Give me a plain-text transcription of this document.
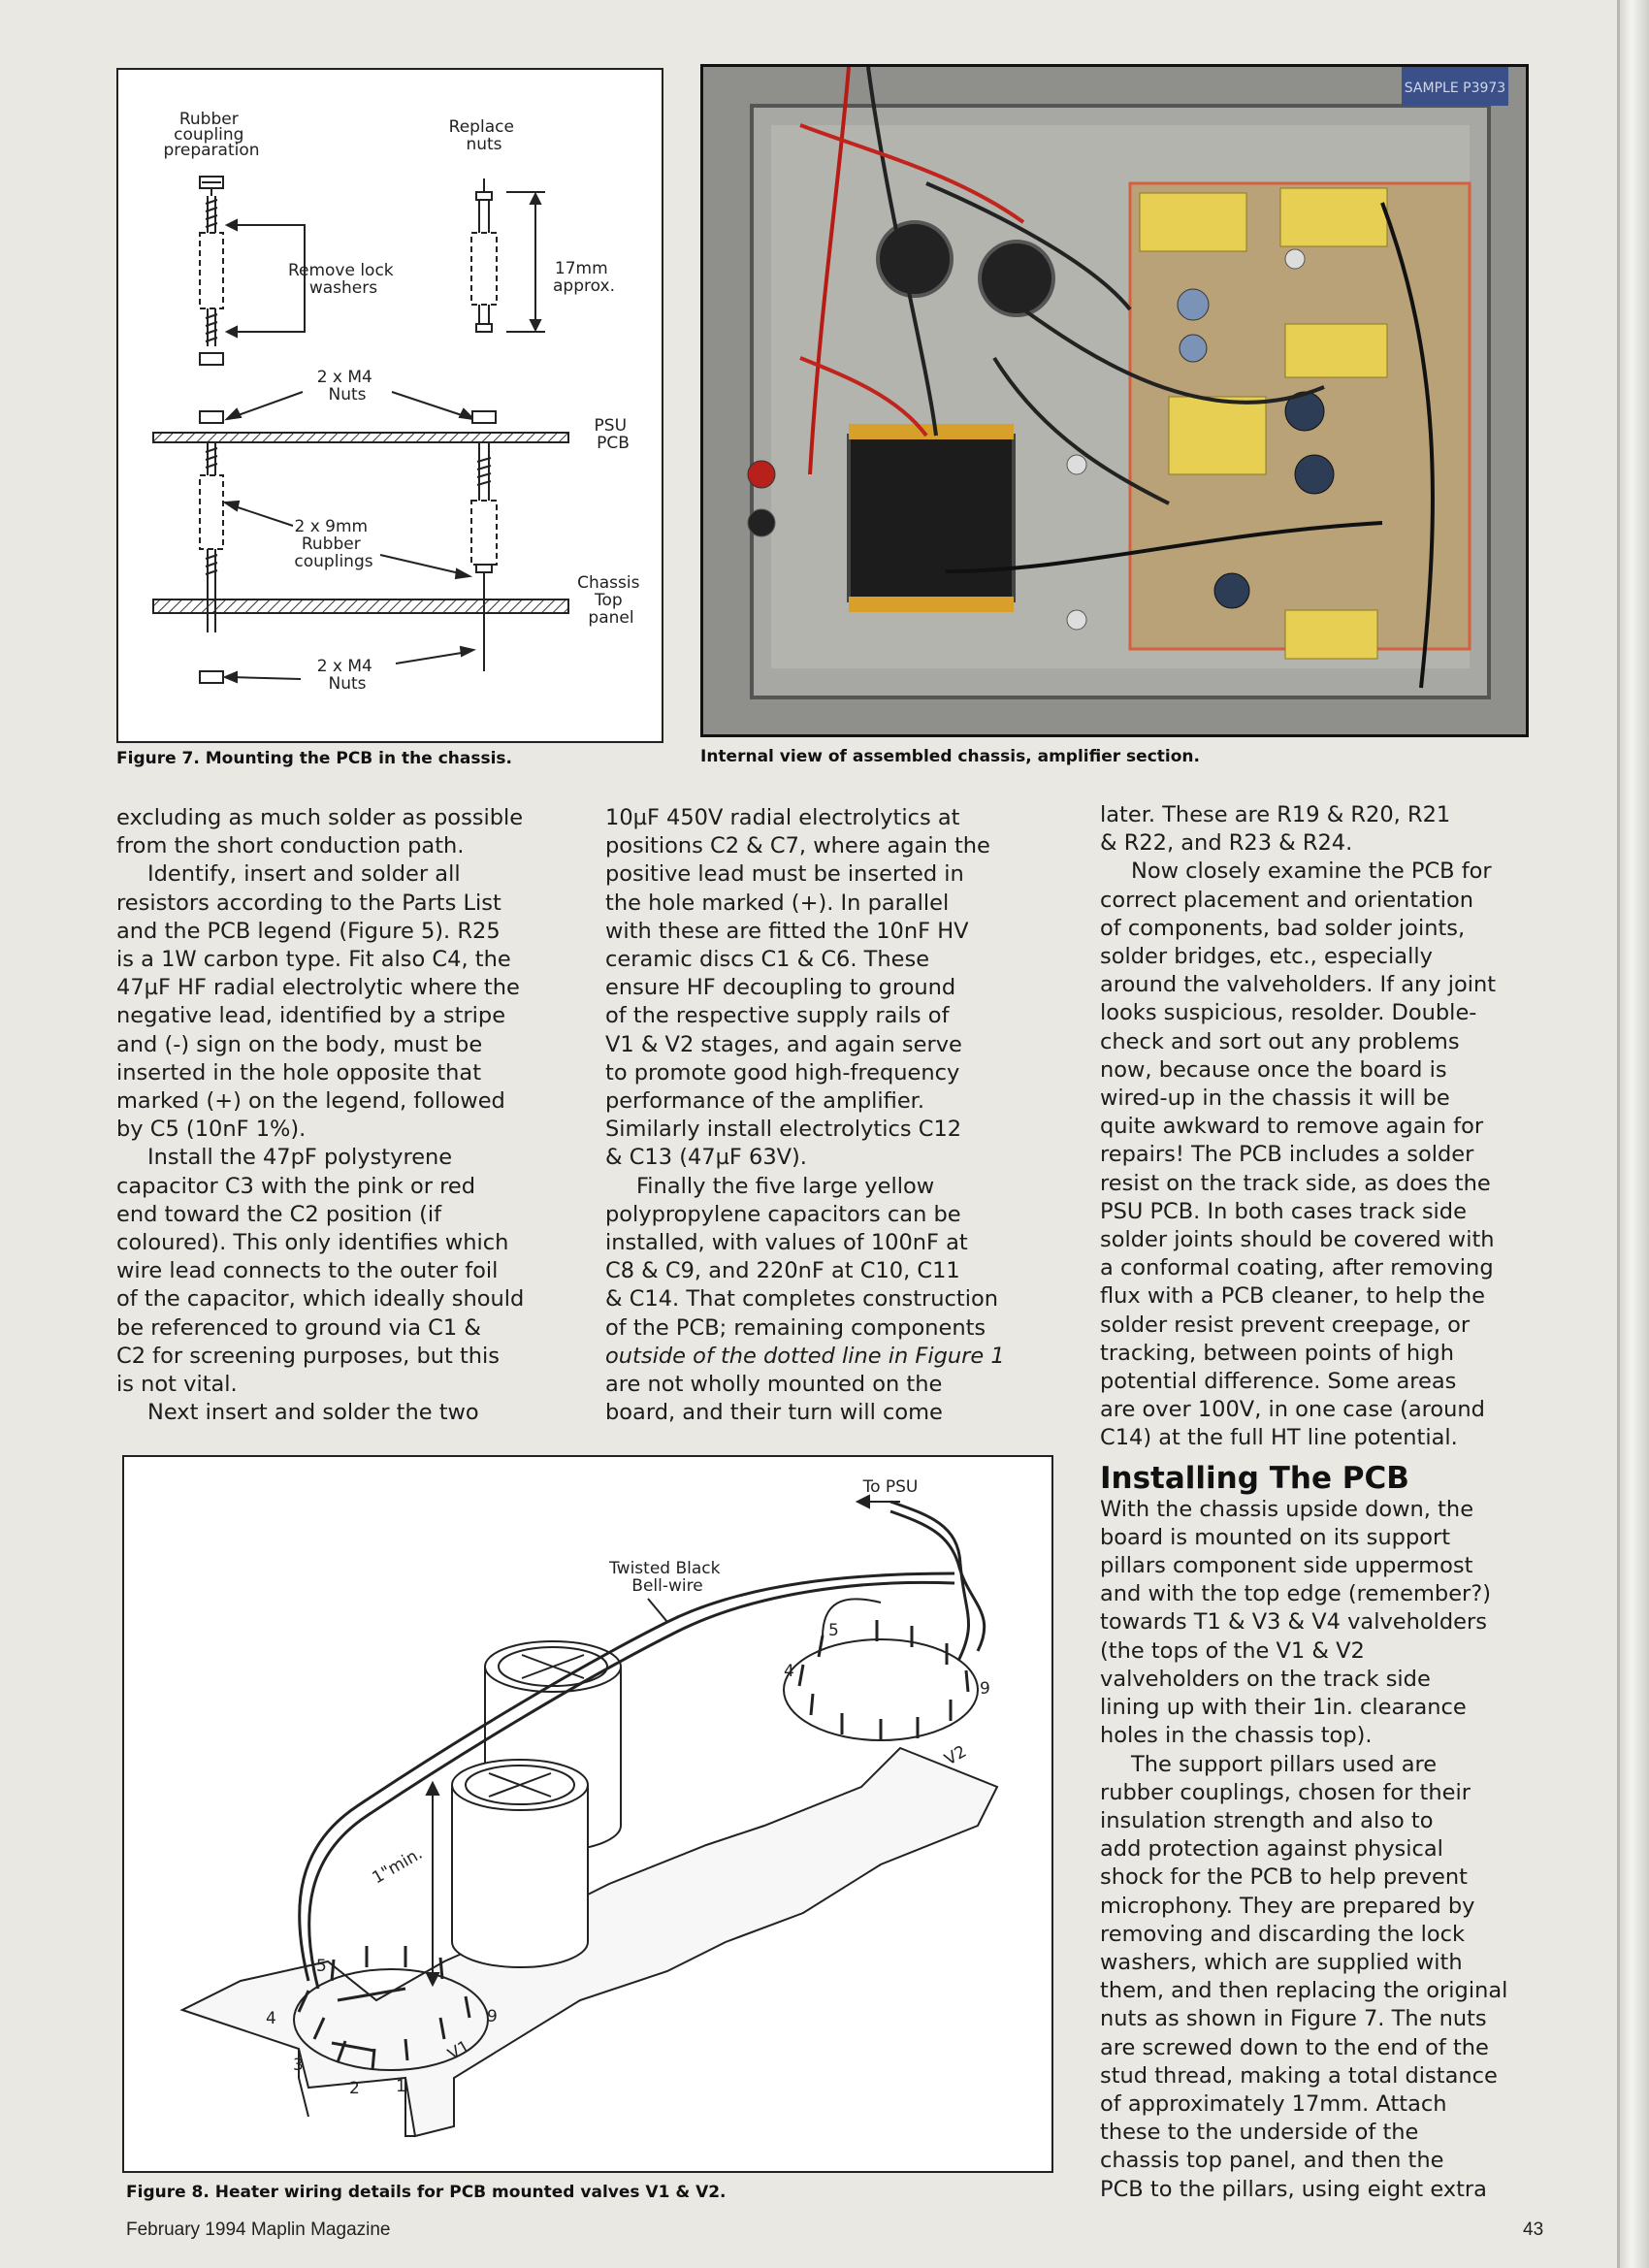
Rubber coupling preparation
Replace nuts
Remove lock washers
17mm approx.
2 x M4 Nuts
PSU PCB
2 x 9mm Rubber couplings
Chassis Top panel
2 x M4 Nuts
Figure 7. Mounting the PCB in the chassis.
SAMPLE P3973
Internal view of assembled chassis, amplifier section.

excluding as much solder as possible

from the short conduction path.

Identify, insert and solder all

resistors according to the Parts List

and the PCB legend (Figure 5). R25

is a 1W carbon type. Fit also C4, the

47µF HF radial electrolytic where the

negative lead, identified by a stripe

and (-) sign on the body, must be

inserted in the hole opposite that

marked (+) on the legend, followed

by C5 (10nF 1%).

Install the 47pF polystyrene

capacitor C3 with the pink or red

end toward the C2 position (if

coloured). This only identifies which

wire lead connects to the outer foil

of the capacitor, which ideally should

be referenced to ground via C1 &

C2 for screening purposes, but this

is not vital.

Next insert and solder the two

10µF 450V radial electrolytics at

positions C2 & C7, where again the

positive lead must be inserted in

the hole marked (+). In parallel

with these are fitted the 10nF HV

ceramic discs C1 & C6. These

ensure HF decoupling to ground

of the respective supply rails of

V1 & V2 stages, and again serve

to promote good high-frequency

performance of the amplifier.

Similarly install electrolytics C12

& C13 (47µF 63V).

Finally the five large yellow

polypropylene capacitors can be

installed, with values of 100nF at

C8 & C9, and 220nF at C10, C11

& C14. That completes construction

of the PCB; remaining components

outside of the dotted line in Figure 1

are not wholly mounted on the

board, and their turn will come

later. These are R19 & R20, R21

& R22, and R23 & R24.

Now closely examine the PCB for

correct placement and orientation

of components, bad solder joints,

solder bridges, etc., especially

around the valveholders. If any joint

looks suspicious, resolder. Double-

check and sort out any problems

now, because once the board is

wired-up in the chassis it will be

quite awkward to remove again for

repairs! The PCB includes a solder

resist on the track side, as does the

PSU PCB. In both cases track side

solder joints should be covered with

a conformal coating, after removing

flux with a PCB cleaner, to help the

solder resist prevent creepage, or

tracking, between points of high

potential difference. Some areas

are over 100V, in one case (around

C14) at the full HT line potential.

Installing The PCB

With the chassis upside down, the

board is mounted on its support

pillars component side uppermost

and with the top edge (remember?)

towards T1 & V3 & V4 valveholders

(the tops of the V1 & V2

valveholders on the track side

lining up with their 1in. clearance

holes in the chassis top).

The support pillars used are

rubber couplings, chosen for their

insulation strength and also to

add protection against physical

shock for the PCB to help prevent

microphony. They are prepared by

removing and discarding the lock

washers, which are supplied with

them, and then replacing the original

nuts as shown in Figure 7. The nuts

are screwed down to the end of the

stud thread, making a total distance

of approximately 17mm. Attach

these to the underside of the

chassis top panel, and then the

PCB to the pillars, using eight extra

To PSU
Twisted Black Bell-wire
1"min.
V1
V2
4
5
3
2 1
9
4
5
9
Figure 8. Heater wiring details for PCB mounted valves V1 & V2.
February 1994 Maplin Magazine	43
